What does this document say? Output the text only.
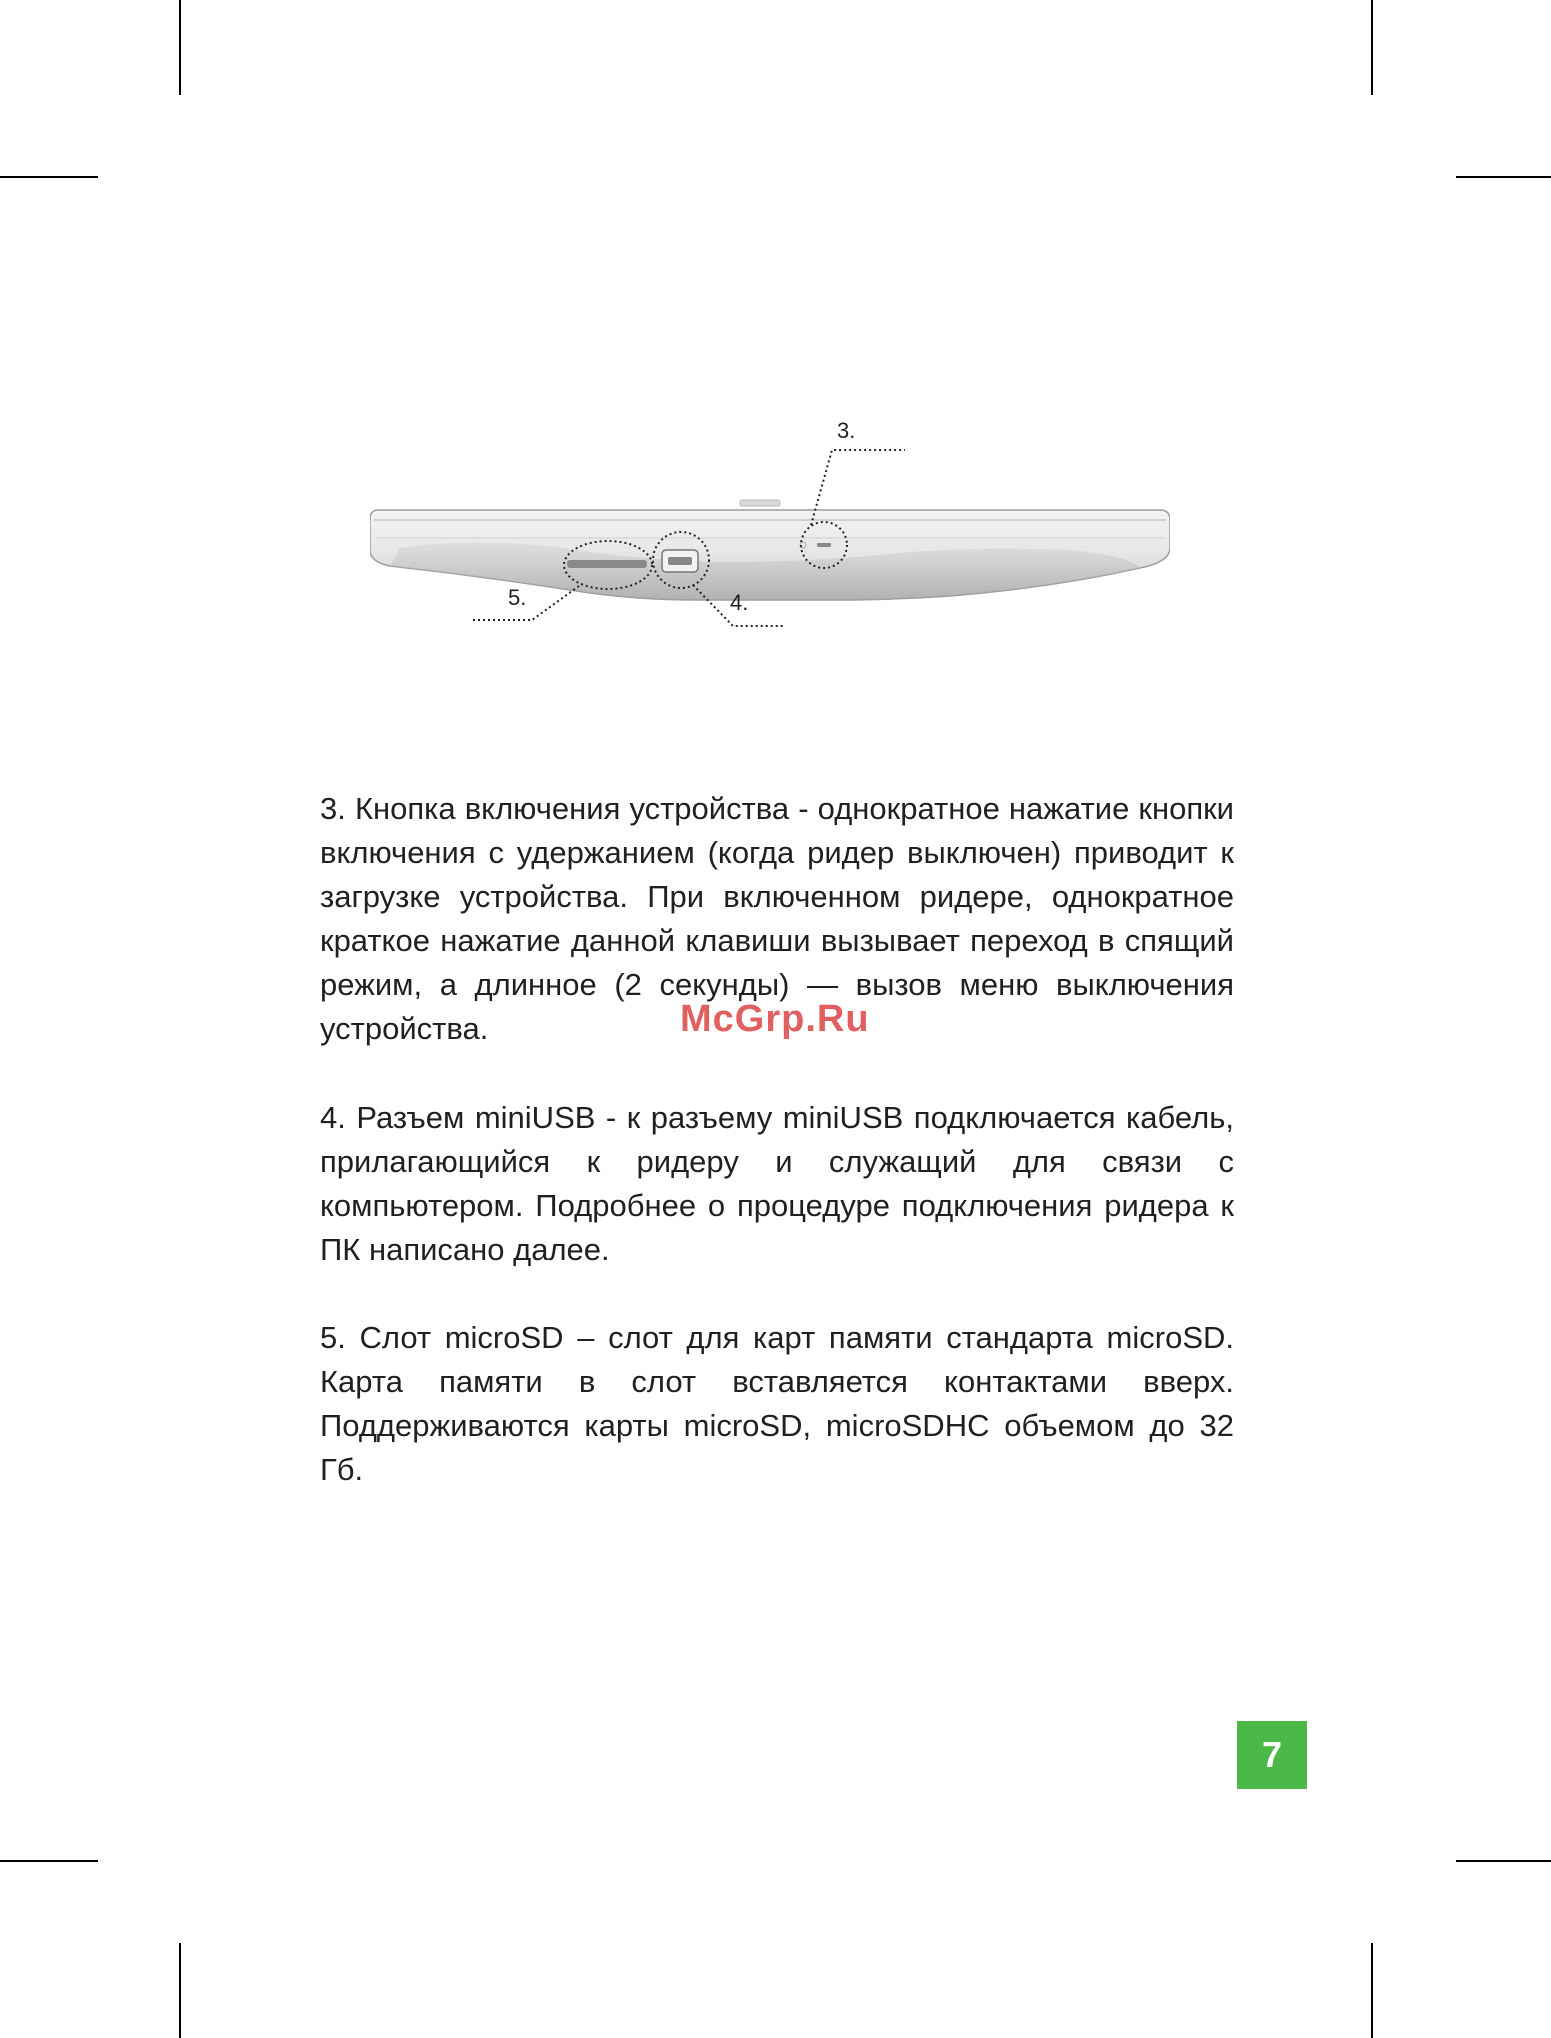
3.
4.
5.

3. Кнопка включения устройства - однократное нажатие кнопки включения с удержанием (когда ридер выключен) приводит к загрузке устройства. При включенном ридере, однократное краткое нажатие данной клавиши вызывает переход в спящий режим, а длинное (2 секунды) — вызов меню выключения устройства.

4. Разъем miniUSB - к разъему miniUSB подключается кабель, прилагающийся к ридеру и служащий для связи с компьютером. Подробнее о процедуре подключения ридера к ПК написано далее.

5. Слот microSD – слот для карт памяти стандарта microSD. Карта памяти в слот вставляется контактами вверх. Поддерживаются карты microSD, microSDHC объемом до 32 Гб.

McGrp.Ru
7
